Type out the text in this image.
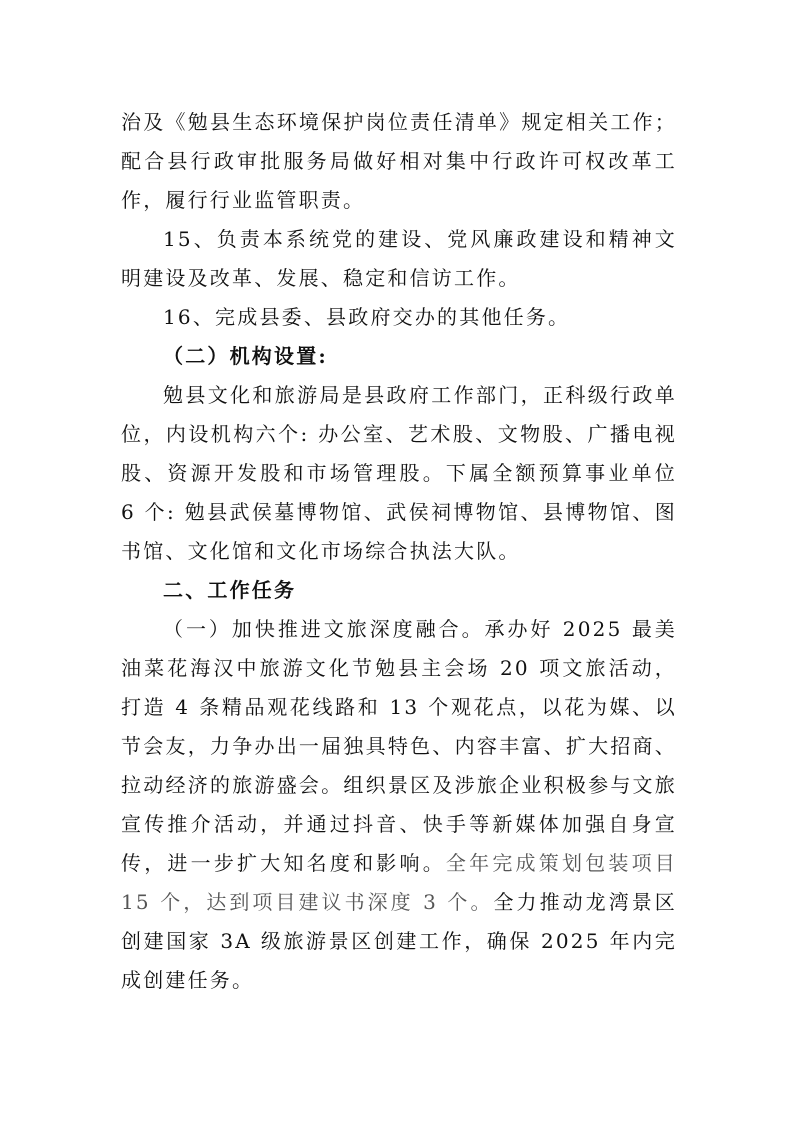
治及《勉县生态环境保护岗位责任清单》规定相关工作；配合县行政审批服务局做好相对集中行政许可权改革工作，履行行业监管职责。

15、负责本系统党的建设、党风廉政建设和精神文明建设及改革、发展、稳定和信访工作。

16、完成县委、县政府交办的其他任务。

（二）机构设置:

勉县文化和旅游局是县政府工作部门，正科级行政单位，内设机构六个: 办公室、艺术股、文物股、广播电视股、资源开发股和市场管理股。下属全额预算事业单位 6 个: 勉县武侯墓博物馆、武侯祠博物馆、县博物馆、图书馆、文化馆和文化市场综合执法大队。

二、工作任务

（一）加快推进文旅深度融合。承办好 2025 最美油菜花海汉中旅游文化节勉县主会场 20 项文旅活动，打造 4 条精品观花线路和 13 个观花点，以花为媒、以节会友，力争办出一届独具特色、内容丰富、扩大招商、拉动经济的旅游盛会。组织景区及涉旅企业积极参与文旅宣传推介活动，并通过抖音、快手等新媒体加强自身宣传，进一步扩大知名度和影响。全年完成策划包装项目 15 个，达到项目建议书深度 3 个。全力推动龙湾景区创建国家 3A 级旅游景区创建工作，确保 2025 年内完成创建任务。
